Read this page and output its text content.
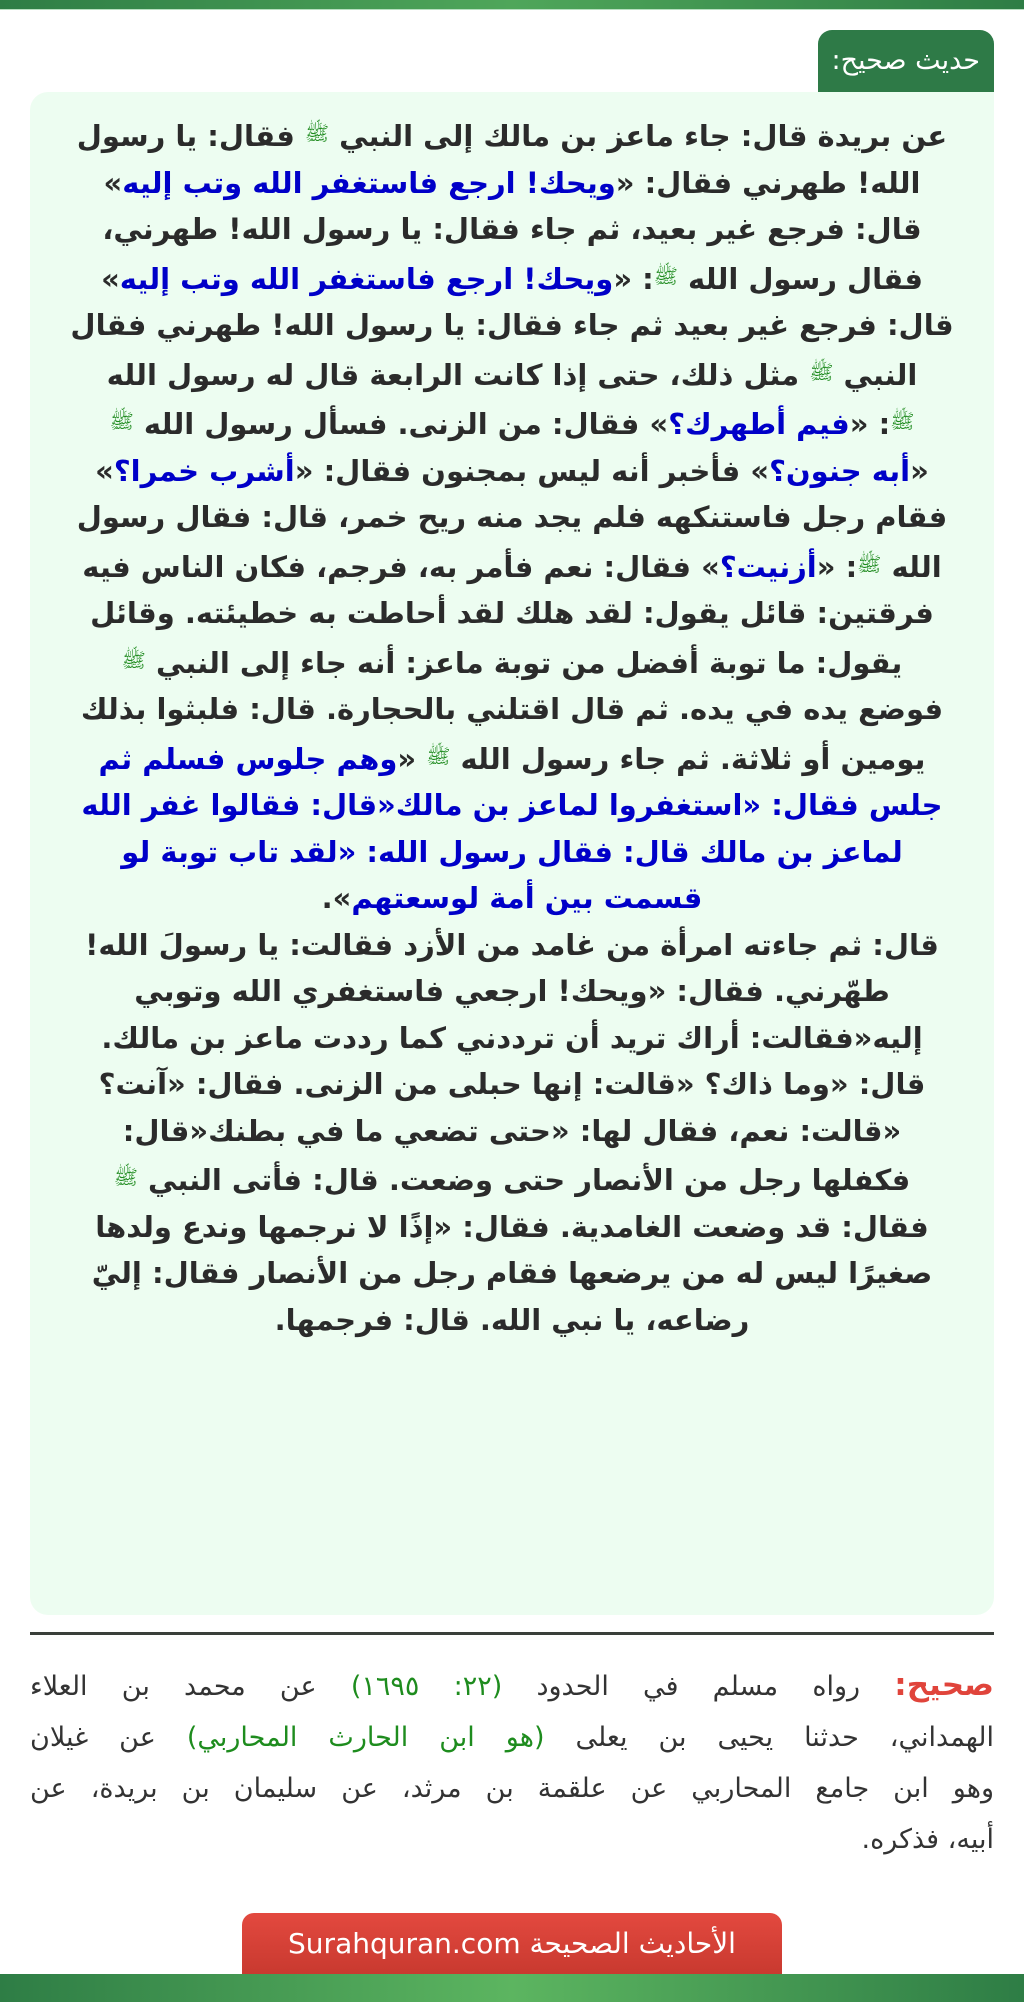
حديث صحيح:
عن بريدة قال: جاء ماعز بن مالك إلى النبي $^ﷺ$ فقال: يا رسول
الله! طهرني فقال: «ويحك! ارجع فاستغفر الله وتب إليه»
قال: فرجع غير بعيد، ثم جاء فقال: يا رسول الله! طهرني،
فقال رسول الله $^ﷺ$: «ويحك! ارجع فاستغفر الله وتب إليه»
قال: فرجع غير بعيد ثم جاء فقال: يا رسول الله! طهرني فقال
النبي $^ﷺ$ مثل ذلك، حتى إذا كانت الرابعة قال له رسول الله
$^ﷺ$: «فيم أطهرك؟» فقال: من الزنى. فسأل رسول الله $^ﷺ$
«أبه جنون؟» فأخبر أنه ليس بمجنون فقال: «أشرب خمرا؟»
فقام رجل فاستنكهه فلم يجد منه ريح خمر، قال: فقال رسول
الله $^ﷺ$: «أزنيت؟» فقال: نعم فأمر به، فرجم، فكان الناس فيه
فرقتين: قائل يقول: لقد هلك لقد أحاطت به خطيئته. وقائل
يقول: ما توبة أفضل من توبة ماعز: أنه جاء إلى النبي $^ﷺ$
فوضع يده في يده. ثم قال اقتلني بالحجارة. قال: فلبثوا بذلك
يومين أو ثلاثة. ثم جاء رسول الله $^ﷺ$ «وهم جلوس فسلم ثم
جلس فقال: «استغفروا لماعز بن مالك«قال: فقالوا غفر الله
لماعز بن مالك قال: فقال رسول الله: «لقد تاب توبة لو
قسمت بين أمة لوسعتهم».
قال: ثم جاءته امرأة من غامد من الأزد فقالت: يا رسولَ الله!
طهّرني. فقال: «ويحك! ارجعي فاستغفري الله وتوبي
إليه«فقالت: أراك تريد أن ترددني كما رددت ماعز بن مالك.
قال: «وما ذاك؟ «قالت: إنها حبلى من الزنى. فقال: «آنت؟
«قالت: نعم، فقال لها: «حتى تضعي ما في بطنك«قال:
فكفلها رجل من الأنصار حتى وضعت. قال: فأتى النبي $^ﷺ$
فقال: قد وضعت الغامدية. فقال: «إذًا لا نرجمها وندع ولدها
صغيرًا ليس له من يرضعها فقام رجل من الأنصار فقال: إليّ
رضاعه، يا نبي الله. قال: فرجمها.
صحيح: رواه مسلم في الحدود (٢٢: ١٦٩٥) عن محمد بن العلاء
الهمداني، حدثنا يحيى بن يعلى (هو ابن الحارث المحاربي) عن غيلان
وهو ابن جامع المحاربي عن علقمة بن مرثد، عن سليمان بن بريدة، عن
أبيه، فذكره.
الأحاديث الصحيحة Surahquran.com
